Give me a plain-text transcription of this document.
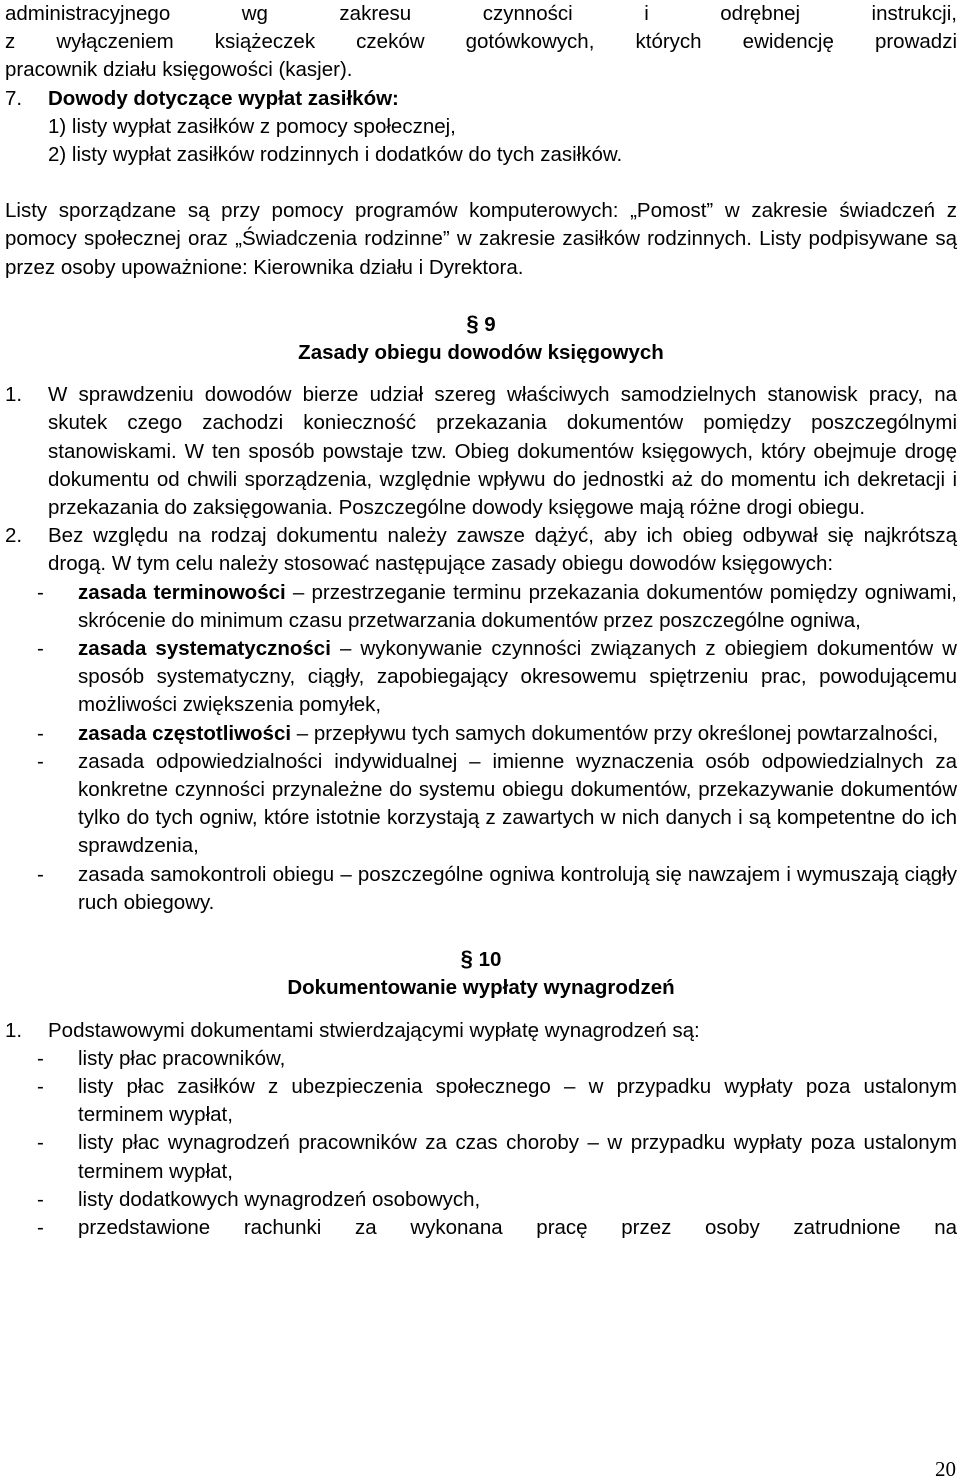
administracyjnego wg zakresu czynności i odrębnej instrukcji,

z wyłączeniem książeczek czeków gotówkowych, których ewidencję prowadzi

pracownik działu księgowości (kasjer).

7. Dowody dotyczące wypłat zasiłków:

1) listy wypłat zasiłków z pomocy społecznej,

2) listy wypłat zasiłków rodzinnych i dodatków do tych zasiłków.

Listy sporządzane są przy pomocy programów komputerowych: „Pomost” w zakresie świadczeń z pomocy społecznej oraz „Świadczenia rodzinne” w zakresie zasiłków rodzinnych. Listy podpisywane są przez osoby upoważnione: Kierownika działu i Dyrektora.

§ 9
Zasady obiegu dowodów księgowych
1. W sprawdzeniu dowodów bierze udział szereg właściwych samodzielnych stanowisk pracy, na skutek czego zachodzi konieczność przekazania dokumentów pomiędzy poszczególnymi stanowiskami. W ten sposób powstaje tzw. Obieg dokumentów księgowych, który obejmuje drogę dokumentu od chwili sporządzenia, względnie wpływu do jednostki aż do momentu ich dekretacji i przekazania do zaksięgowania. Poszczególne dowody księgowe mają różne drogi obiegu.
2. Bez względu na rodzaj dokumentu należy zawsze dążyć, aby ich obieg odbywał się najkrótszą drogą. W tym celu należy stosować następujące zasady obiegu dowodów księgowych:
- zasada terminowości – przestrzeganie terminu przekazania dokumentów pomiędzy ogniwami, skrócenie do minimum czasu przetwarzania dokumentów przez poszczególne ogniwa,
- zasada systematyczności – wykonywanie czynności związanych z obiegiem dokumentów w sposób systematyczny, ciągły, zapobiegający okresowemu spiętrzeniu prac, powodującemu możliwości zwiększenia pomyłek,
- zasada częstotliwości – przepływu tych samych dokumentów przy określonej powtarzalności,
- zasada odpowiedzialności indywidualnej – imienne wyznaczenia osób odpowiedzialnych za konkretne czynności przynależne do systemu obiegu dokumentów, przekazywanie dokumentów tylko do tych ogniw, które istotnie korzystają z zawartych w nich danych i są kompetentne do ich sprawdzenia,
- zasada samokontroli obiegu – poszczególne ogniwa kontrolują się nawzajem i wymuszają ciągły ruch obiegowy.
§ 10
Dokumentowanie wypłaty wynagrodzeń
1. Podstawowymi dokumentami stwierdzającymi wypłatę wynagrodzeń są:
- listy płac pracowników,
- listy płac zasiłków z ubezpieczenia społecznego – w przypadku wypłaty poza ustalonym terminem wypłat,
- listy płac wynagrodzeń pracowników za czas choroby – w przypadku wypłaty poza ustalonym terminem wypłat,
- listy dodatkowych wynagrodzeń osobowych,
- przedstawione rachunki za wykonana pracę przez osoby zatrudnione na
20
